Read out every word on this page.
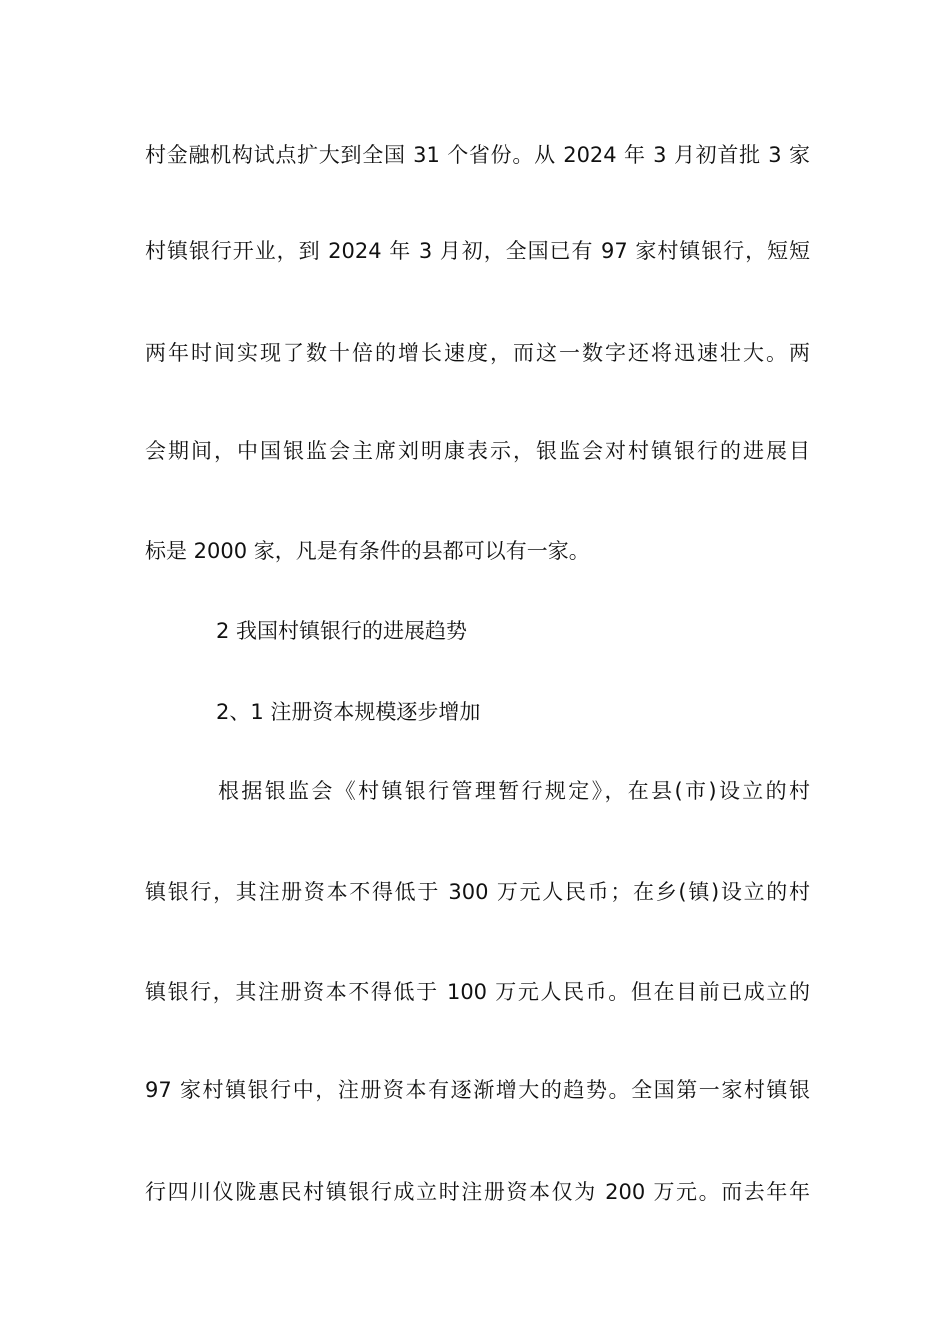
村金融机构试点扩大到全国 31 个省份。从 2024 年 3 月初首批 3 家
村镇银行开业，到 2024 年 3 月初，全国已有 97 家村镇银行，短短
两年时间实现了数十倍的增长速度，而这一数字还将迅速壮大。两
会期间，中国银监会主席刘明康表示，银监会对村镇银行的进展目
标是 2000 家，凡是有条件的县都可以有一家。
2 我国村镇银行的进展趋势
2、1 注册资本规模逐步增加
根据银监会《村镇银行管理暂行规定》，在县(市)设立的村
镇银行，其注册资本不得低于 300 万元人民币；在乡(镇)设立的村
镇银行，其注册资本不得低于 100 万元人民币。但在目前已成立的
97 家村镇银行中，注册资本有逐渐增大的趋势。全国第一家村镇银
行四川仪陇惠民村镇银行成立时注册资本仅为 200 万元。而去年年
